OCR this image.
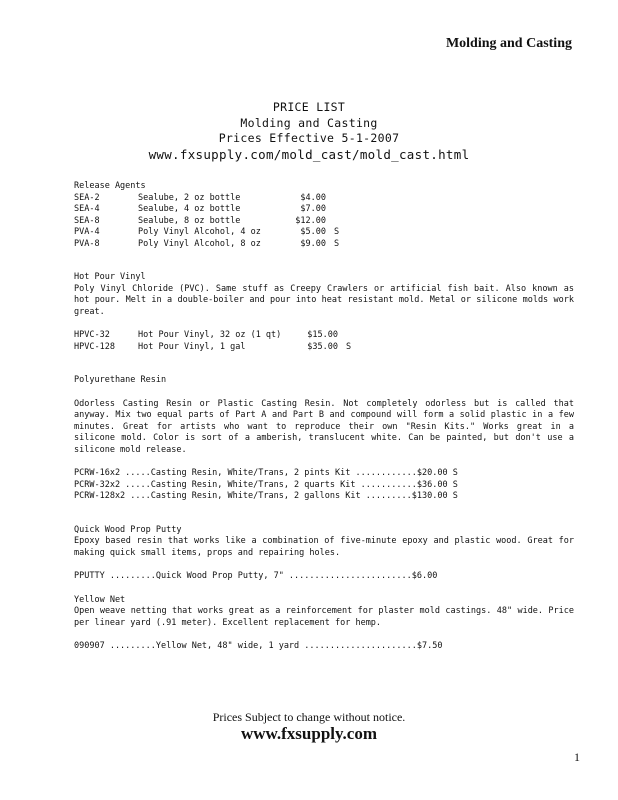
Molding and Casting
PRICE LIST
Molding and Casting
Prices Effective 5-1-2007
www.fxsupply.com/mold_cast/mold_cast.html
Release Agents
SEA-2	Sealube, 2 oz bottle	$4.00
SEA-4	Sealube, 4 oz bottle	$7.00
SEA-8	Sealube, 8 oz bottle	$12.00
PVA-4	Poly Vinyl Alcohol, 4 oz	$5.00 S
PVA-8	Poly Vinyl Alcohol, 8 oz	$9.00 S
Hot Pour Vinyl
Poly Vinyl Chloride (PVC). Same stuff as Creepy Crawlers or artificial fish bait. Also known as hot pour. Melt in a double-boiler and pour into heat resistant mold. Metal or silicone molds work great.
HPVC-32	Hot Pour Vinyl, 32 oz (1 qt)	$15.00
HPVC-128	Hot Pour Vinyl, 1 gal	$35.00 S
Polyurethane Resin
Odorless Casting Resin or Plastic Casting Resin. Not completely odorless but is called that anyway. Mix two equal parts of Part A and Part B and compound will form a solid plastic in a few minutes. Great for artists who want to reproduce their own "Resin Kits." Works great in a silicone mold. Color is sort of a amberish, translucent white. Can be painted, but don't use a silicone mold release.
PCRW-16x2 .....Casting Resin, White/Trans, 2 pints Kit ............$20.00 S
PCRW-32x2 .....Casting Resin, White/Trans, 2 quarts Kit ...........$36.00 S
PCRW-128x2 ....Casting Resin, White/Trans, 2 gallons Kit .........$130.00 S
Quick Wood Prop Putty
Epoxy based resin that works like a combination of five-minute epoxy and plastic wood. Great for making quick small items, props and repairing holes.
PPUTTY .........Quick Wood Prop Putty, 7" ........................$6.00
Yellow Net
Open weave netting that works great as a reinforcement for plaster mold castings. 48" wide. Price per linear yard (.91 meter). Excellent replacement for hemp.
090907 .........Yellow Net, 48" wide, 1 yard ......................$7.50
Prices Subject to change without notice.
www.fxsupply.com
1
